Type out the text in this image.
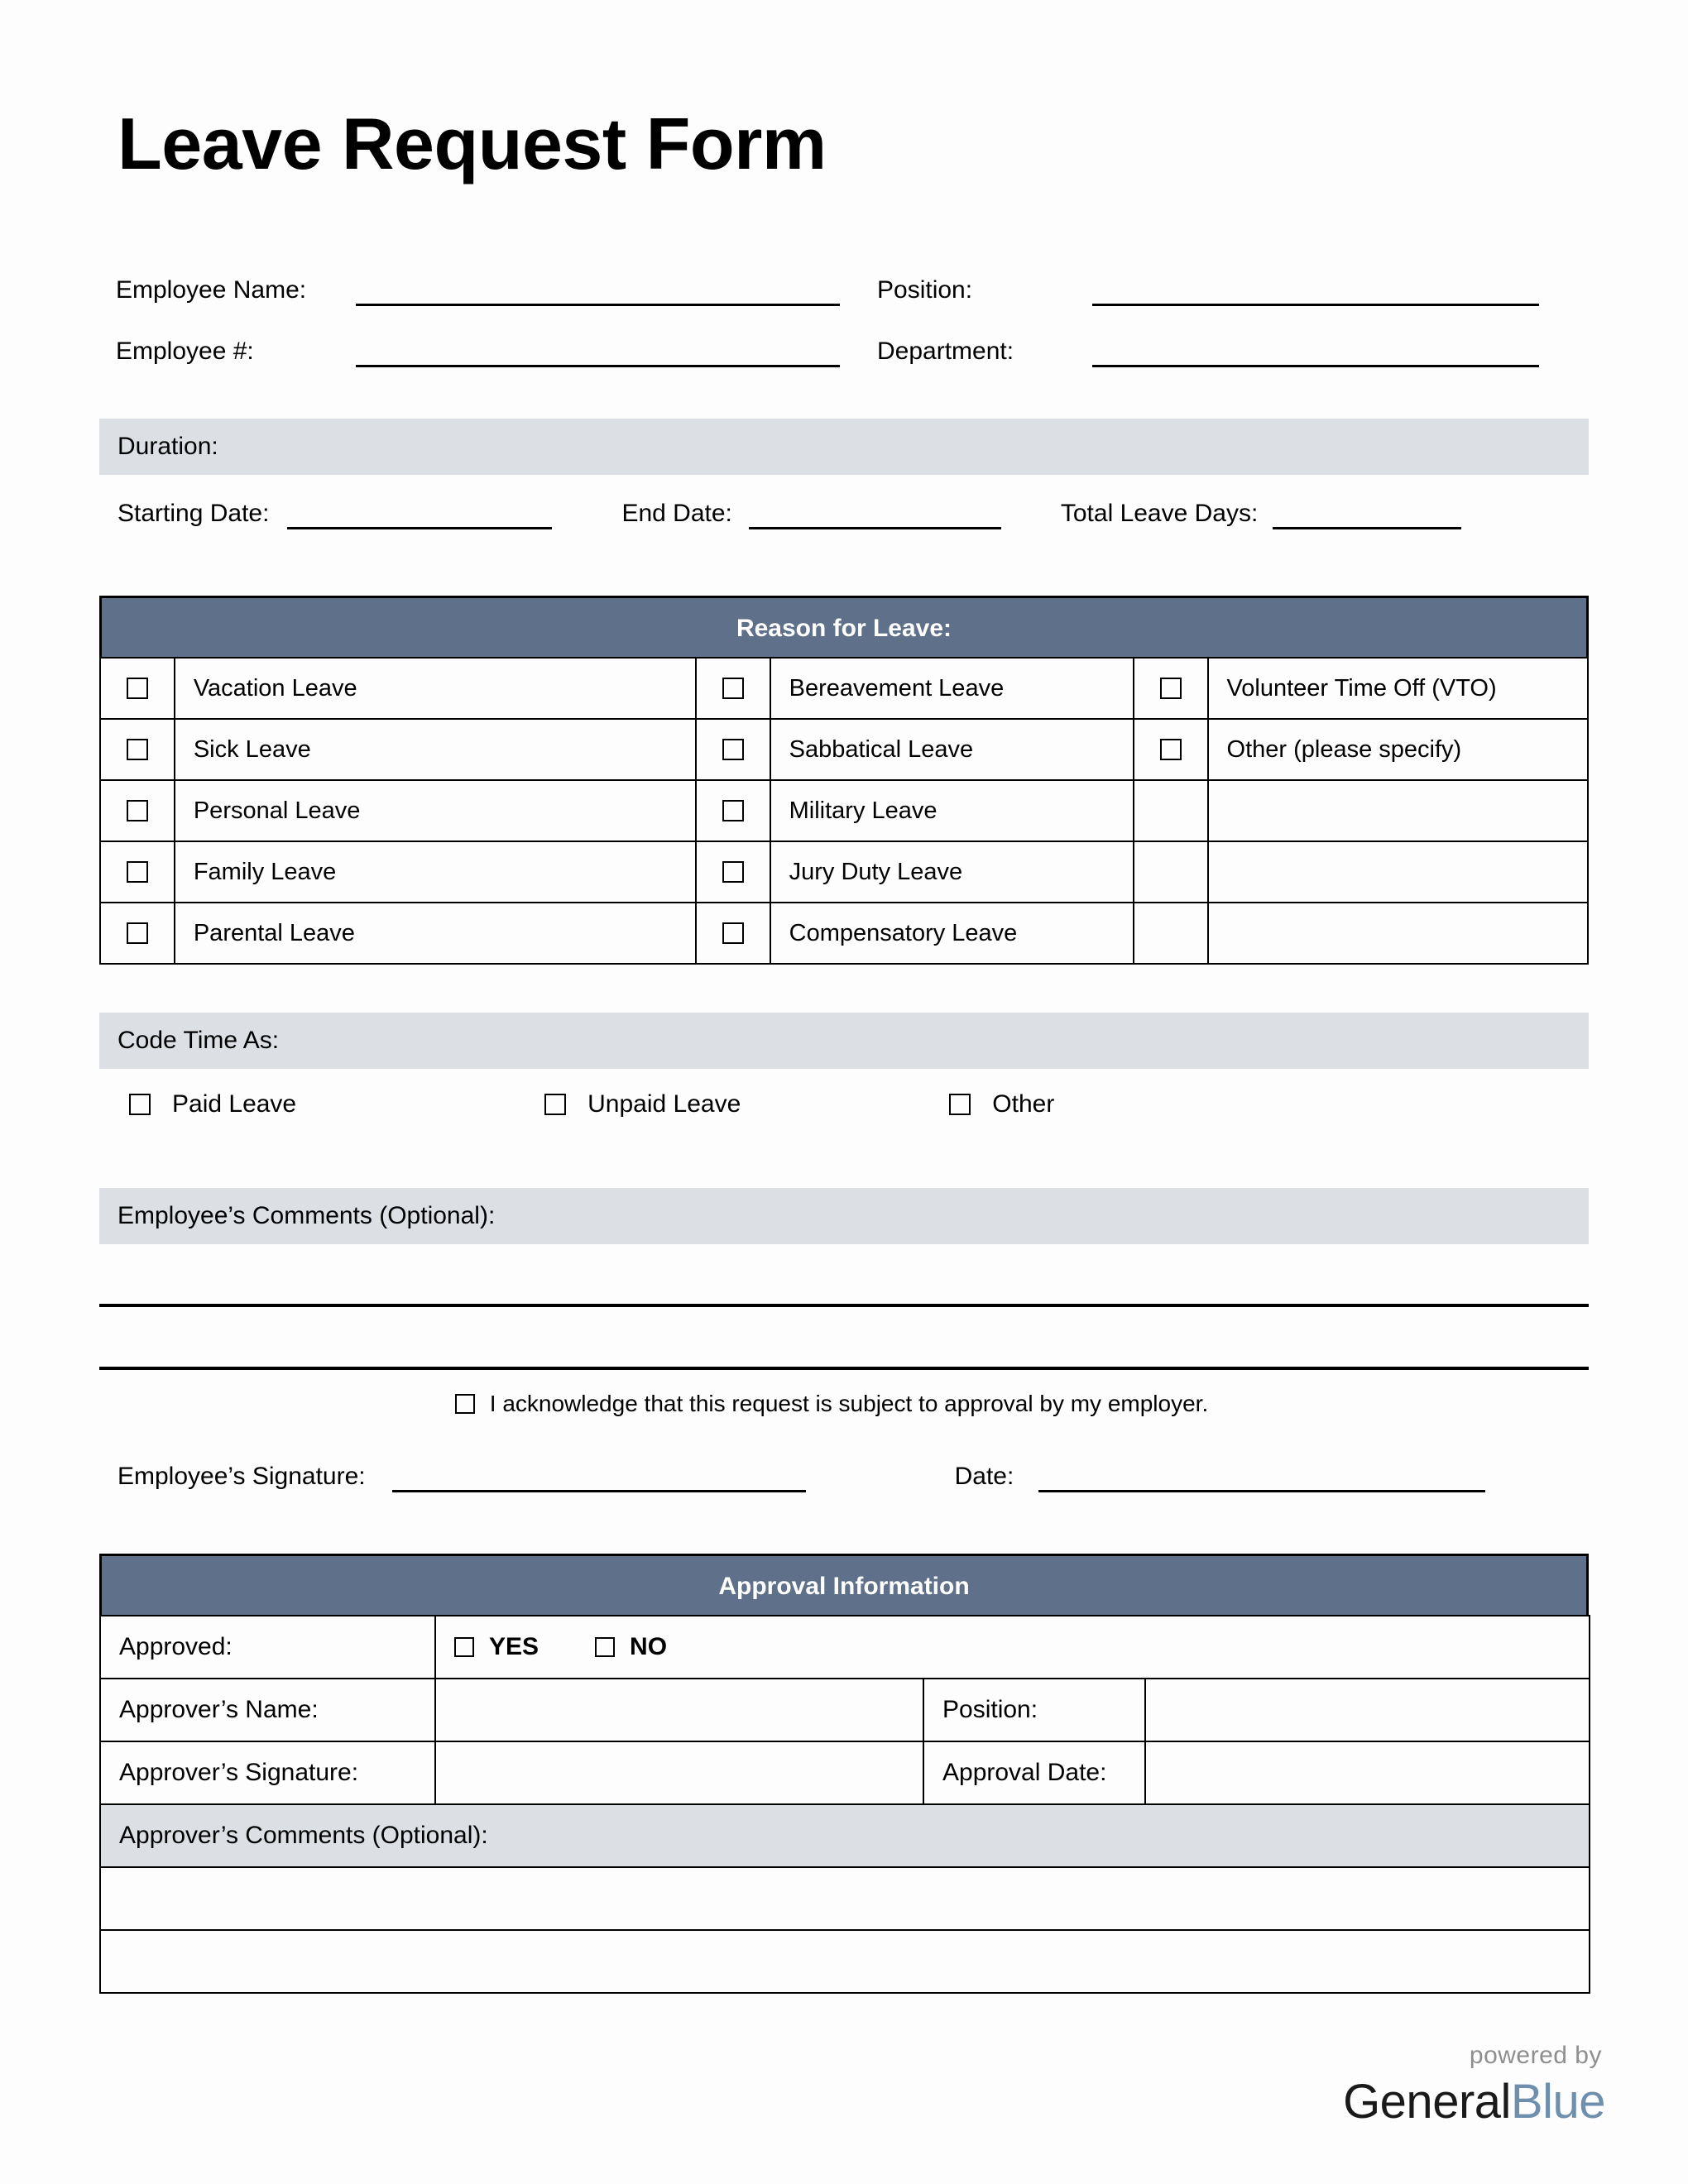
Leave Request Form
Employee Name:	Position:
Employee #:	Department:
Duration:
Starting Date:	End Date:	Total Leave Days:
Reason for Leave:
	Vacation Leave		Bereavement Leave		Volunteer Time Off (VTO)
	Sick Leave		Sabbatical Leave		Other (please specify)
	Personal Leave		Military Leave		
	Family Leave		Jury Duty Leave		
	Parental Leave		Compensatory Leave		
Code Time As:
Paid Leave	Unpaid Leave	Other
Employee’s Comments (Optional):
I acknowledge that this request is subject to approval by my employer.
Employee’s Signature:	Date:
Approval Information
Approved:	YES NO		

Approver’s Name:		Position:	
Approver’s Signature:		Approval Date:	
Approver’s Comments (Optional):			

powered by
GeneralBlue
